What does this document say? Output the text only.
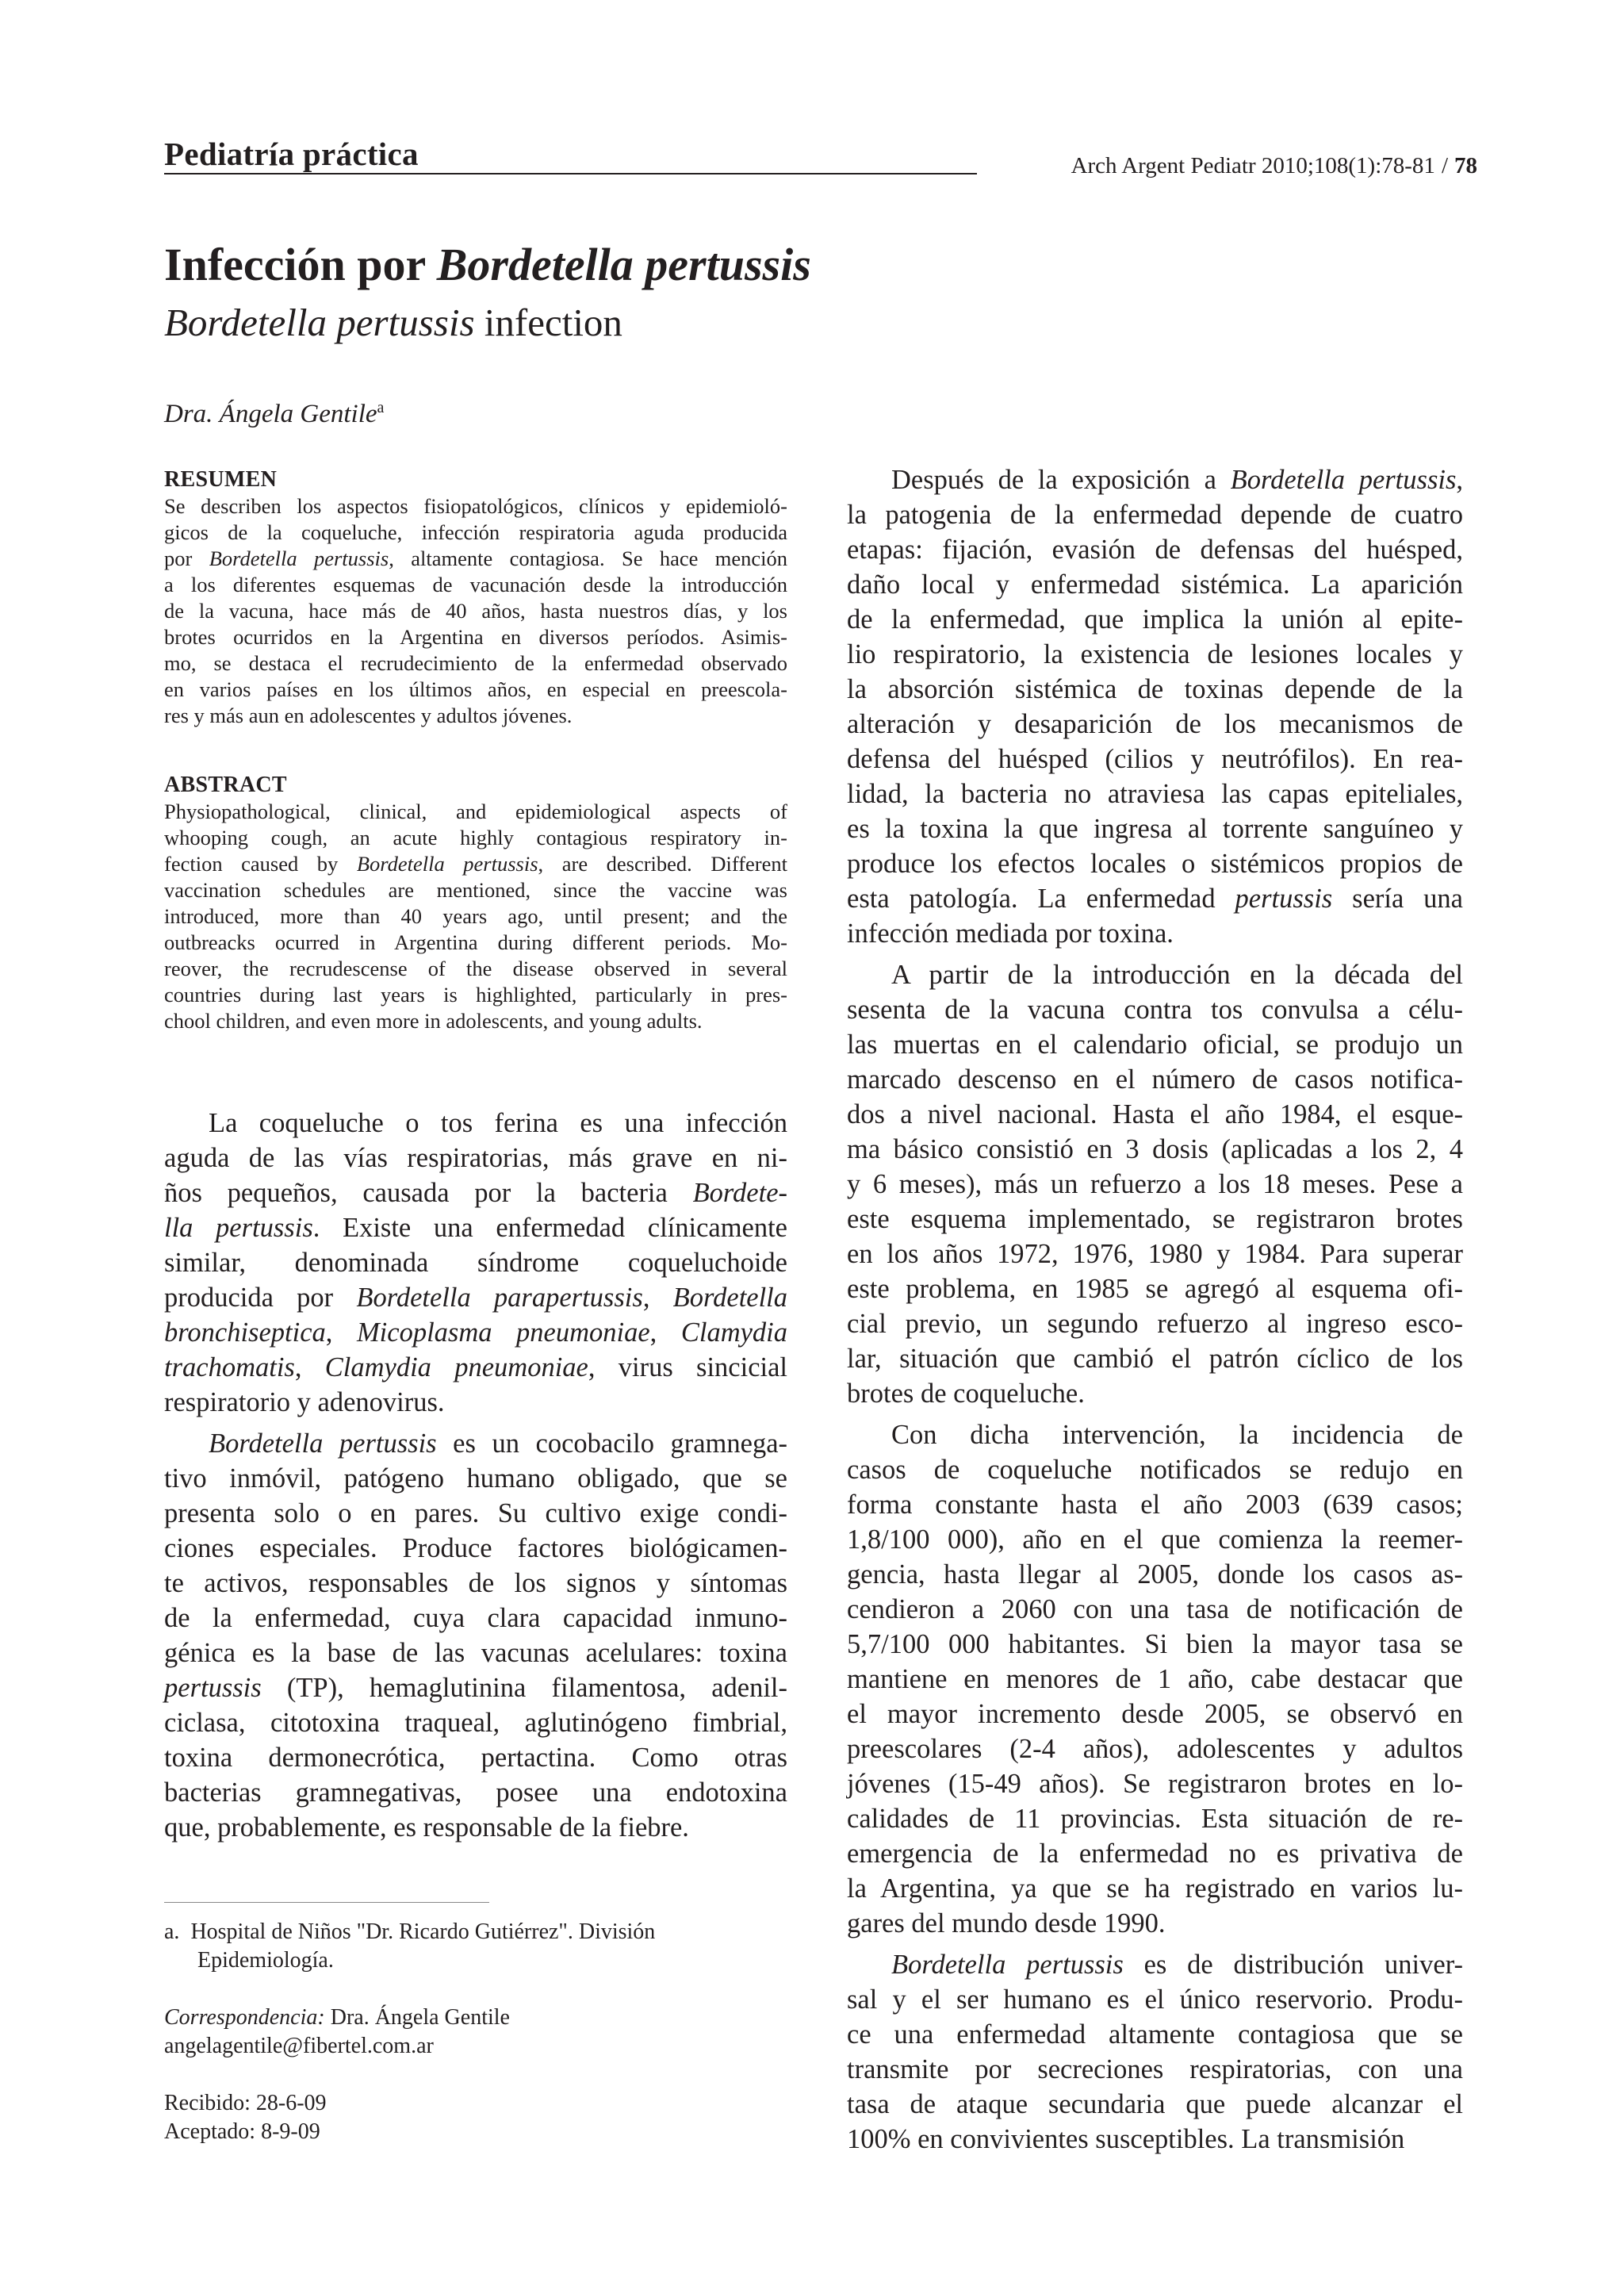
Pediatría práctica	Arch Argent Pediatr 2010;108(1):78-81 / 78
Infección por Bordetella pertussis
Bordetella pertussis infection
Dra. Ángela Gentile$^a$
RESUMEN
Se describen los aspectos fisiopatológicos, clínicos y epidemioló-
gicos de la coqueluche, infección respiratoria aguda producida
por Bordetella pertussis, altamente contagiosa. Se hace mención
a los diferentes esquemas de vacunación desde la introducción
de la vacuna, hace más de 40 años, hasta nuestros días, y los
brotes ocurridos en la Argentina en diversos períodos. Asimis-
mo, se destaca el recrudecimiento de la enfermedad observado
en varios países en los últimos años, en especial en preescola-
res y más aun en adolescentes y adultos jóvenes.
ABSTRACT
Physiopathological, clinical, and epidemiological aspects of
whooping cough, an acute highly contagious respiratory in-
fection caused by Bordetella pertussis, are described. Different
vaccination schedules are mentioned, since the vaccine was
introduced, more than 40 years ago, until present; and the
outbreacks ocurred in Argentina during different periods. Mo-
reover, the recrudescense of the disease observed in several
countries during last years is highlighted, particularly in pres-
chool children, and even more in adolescents, and young adults.
La coqueluche o tos ferina es una infección
aguda de las vías respiratorias, más grave en ni-
ños pequeños, causada por la bacteria Bordete-
lla pertussis. Existe una enfermedad clínicamente
similar, denominada síndrome coqueluchoide
producida por Bordetella parapertussis, Bordetella
bronchiseptica, Micoplasma pneumoniae, Clamydia
trachomatis, Clamydia pneumoniae, virus sincicial
respiratorio y adenovirus.
Bordetella pertussis es un cocobacilo gramnega-
tivo inmóvil, patógeno humano obligado, que se
presenta solo o en pares. Su cultivo exige condi-
ciones especiales. Produce factores biológicamen-
te activos, responsables de los signos y síntomas
de la enfermedad, cuya clara capacidad inmuno-
génica es la base de las vacunas acelulares: toxina
pertussis (TP), hemaglutinina filamentosa, adenil-
ciclasa, citotoxina traqueal, aglutinógeno fimbrial,
toxina dermonecrótica, pertactina. Como otras
bacterias gramnegativas, posee una endotoxina
que, probablemente, es responsable de la fiebre.
Después de la exposición a Bordetella pertussis,
la patogenia de la enfermedad depende de cuatro
etapas: fijación, evasión de defensas del huésped,
daño local y enfermedad sistémica. La aparición
de la enfermedad, que implica la unión al epite-
lio respiratorio, la existencia de lesiones locales y
la absorción sistémica de toxinas depende de la
alteración y desaparición de los mecanismos de
defensa del huésped (cilios y neutrófilos). En rea-
lidad, la bacteria no atraviesa las capas epiteliales,
es la toxina la que ingresa al torrente sanguíneo y
produce los efectos locales o sistémicos propios de
esta patología. La enfermedad pertussis sería una
infección mediada por toxina.
A partir de la introducción en la década del
sesenta de la vacuna contra tos convulsa a célu-
las muertas en el calendario oficial, se produjo un
marcado descenso en el número de casos notifica-
dos a nivel nacional. Hasta el año 1984, el esque-
ma básico consistió en 3 dosis (aplicadas a los 2, 4
y 6 meses), más un refuerzo a los 18 meses. Pese a
este esquema implementado, se registraron brotes
en los años 1972, 1976, 1980 y 1984. Para superar
este problema, en 1985 se agregó al esquema ofi-
cial previo, un segundo refuerzo al ingreso esco-
lar, situación que cambió el patrón cíclico de los
brotes de coqueluche.
Con dicha intervención, la incidencia de
casos de coqueluche notificados se redujo en
forma constante hasta el año 2003 (639 casos;
1,8/100 000), año en el que comienza la reemer-
gencia, hasta llegar al 2005, donde los casos as-
cendieron a 2060 con una tasa de notificación de
5,7/100 000 habitantes. Si bien la mayor tasa se
mantiene en menores de 1 año, cabe destacar que
el mayor incremento desde 2005, se observó en
preescolares (2-4 años), adolescentes y adultos
jóvenes (15-49 años). Se registraron brotes en lo-
calidades de 11 provincias. Esta situación de re-
emergencia de la enfermedad no es privativa de
la Argentina, ya que se ha registrado en varios lu-
gares del mundo desde 1990.
Bordetella pertussis es de distribución univer-
sal y el ser humano es el único reservorio. Produ-
ce una enfermedad altamente contagiosa que se
transmite por secreciones respiratorias, con una
tasa de ataque secundaria que puede alcanzar el
100% en convivientes susceptibles. La transmisión
a. Hospital de Niños "Dr. Ricardo Gutiérrez". División
Epidemiología.
Correspondencia: Dra. Ángela Gentile
angelagentile@fibertel.com.ar
Recibido: 28-6-09
Aceptado: 8-9-09
